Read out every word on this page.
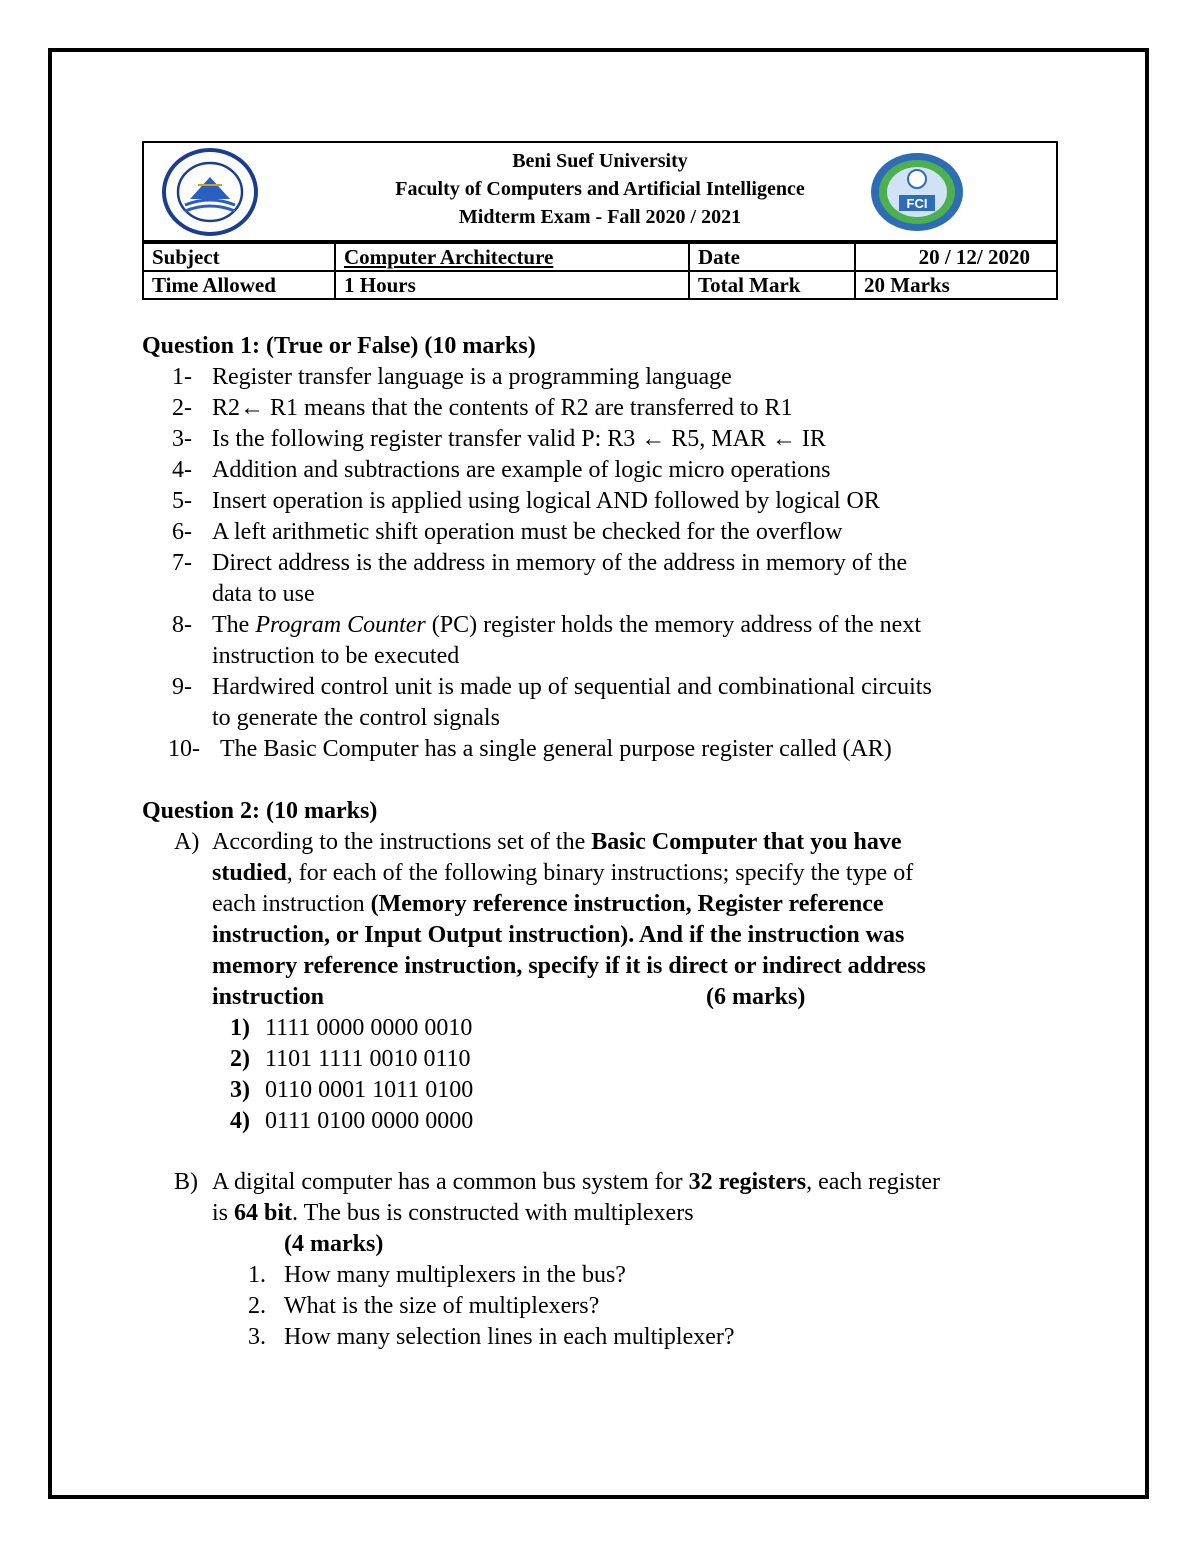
Beni Suef University
Faculty of Computers and Artificial Intelligence
Midterm Exam - Fall 2020 / 2021
FCI
Subject	Computer Architecture	Date	20 / 12/ 2020
Time Allowed	1 Hours	Total Mark	20 Marks

Question 1: (True or False) (10 marks)

1- Register transfer language is a programming language

2- R2← R1 means that the contents of R2 are transferred to R1

3- Is the following register transfer valid P: R3 ← R5, MAR ← IR

4- Addition and subtractions are example of logic micro operations

5- Insert operation is applied using logical AND followed by logical OR

6- A left arithmetic shift operation must be checked for the overflow

7- Direct address is the address in memory of the address in memory of the
data to use

8- The Program Counter (PC) register holds the memory address of the next
instruction to be executed

9- Hardwired control unit is made up of sequential and combinational circuits
to generate the control signals

10- The Basic Computer has a single general purpose register called (AR)

Question 2: (10 marks)

A) According to the instructions set of the Basic Computer that you have
studied, for each of the following binary instructions; specify the type of
each instruction (Memory reference instruction, Register reference
instruction, or Input Output instruction). And if the instruction was
memory reference instruction, specify if it is direct or indirect address
instruction	(6 marks)

1) 1111 0000 0000 0010

2) 1101 1111 0010 0110

3) 0110 0001 1011 0100

4) 0111 0100 0000 0000

B) A digital computer has a common bus system for 32 registers, each register
is 64 bit. The bus is constructed with multiplexers
(4 marks)

1. How many multiplexers in the bus?

2. What is the size of multiplexers?

3. How many selection lines in each multiplexer?
